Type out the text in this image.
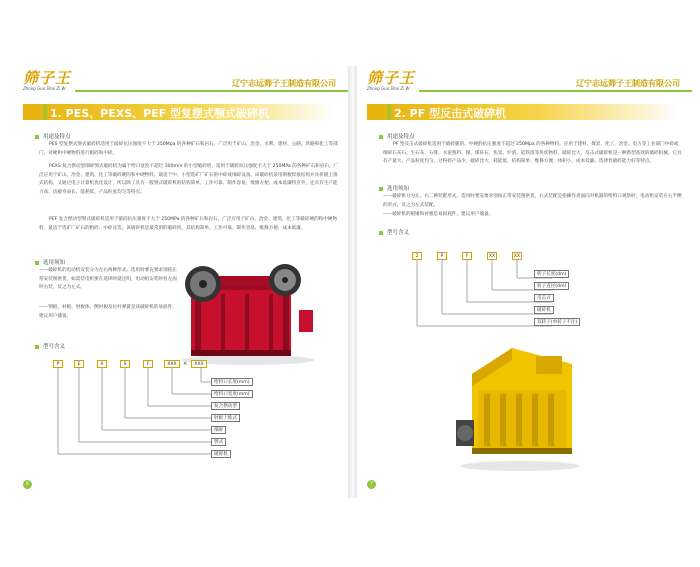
筛子王
Zhong Guo Shai Zi W
辽宁志远筛子王制造有限公司
1. PES、PEXS、PEF 型复摆式颚式破碎机
用途及特点
PES 型复摆式颚式破碎机适用于破碎抗压强度不大于 250Mpa 的各种矿石和岩石。广泛用于矿山、冶金、水利、建材、公路、铁路和化工等部门，对硬和中硬物料进行粗碎和中碎。
PEXS 复合摆动型细碎颚式破碎机为属于给口宽度不超过 300mm 的小型破碎机，适用于破碎抗压强度不大于 250MPa 的各种矿石和岩石。广泛应用于矿山、冶金、建筑、化工等破碎硬的和中硬物料。最适于中、小型选矿厂矿石的中碎或细碎设备。该破碎机采用钢板焊接结构并具折板上推式结构，又通过电子计算机优化设计，所以除了具有一般颚式破碎机的结构简单、工作可靠、制作容易、维修方便、成本低廉特点外，还具有生产能力高、齿板寿命长、能耗低、产品粒度均匀等特点。
PEF 复合摆动型颚式破碎机适用于破碎抗压强度不大于 250MPa 的各种矿石和岩石，广泛应用于矿山、冶金、建筑、化工等破碎硬的和中硬物料，最适于选矿厂矿石的粗碎、中碎及选。该破碎机是最常用的破碎机，其结构简单、工作可靠、制作容易、维修方便、成本低廉。
选用须知
——破碎机的电动机安装分为左右两种形式。选用时要充要求别按正常安装图供货，如需装电机要在选择时就注明，电动机安装时看左面时右装，反之为左式。
——颚板、衬板、肘板体、侧衬板及拉杆弹簧是该破碎机的易损件，建议用户储备。
型号含义
P	E	X	S	F	XXX	×	XXX
给料口长度(mm)
给料口宽度(mm)
复合摆动型
肘板上推式
细碎
颚式
破碎机
6
筛子王
Zhong Guo Shai Zi W
辽宁志远筛子王制造有限公司
2. PF 型反击式破碎机
用途及特点
PF 型反击式破碎机适用于破碎脆的、中硬的抗压强度不超过 250Mpa 的各种物料。应用于建材、煤炭、化工、冶金、电力等工业部门中碎或细碎石灰石、生石灰、石膏、水泥熟料、煤、煤矸石、焦炭、炉渣、硅铁渣等块状物料，破碎比大，反击式破碎机是一种新型高效的破碎机械。它具有产量大、产品粒度均匀，过粉碎产品少，破碎比大、耗能低、结构简单、维修方便、体积小、成本低廉、选择性破碎能力好等特点。
选用须知
——破碎机分为左、右二种装配形式，选用时要充要求别按正常安装图供货，右式装配是指操作者面向对机器的给料口观察时，电动机安装在右手侧的形式，反之为左式装配。
——破碎机的板锤和衬板是易损耗件，建议用户储备。
型号含义
2	P	F	XX	XX
转子长度(dm)
转子直径(dm)
反击式
破碎机
双转子(单转子不注)
7
